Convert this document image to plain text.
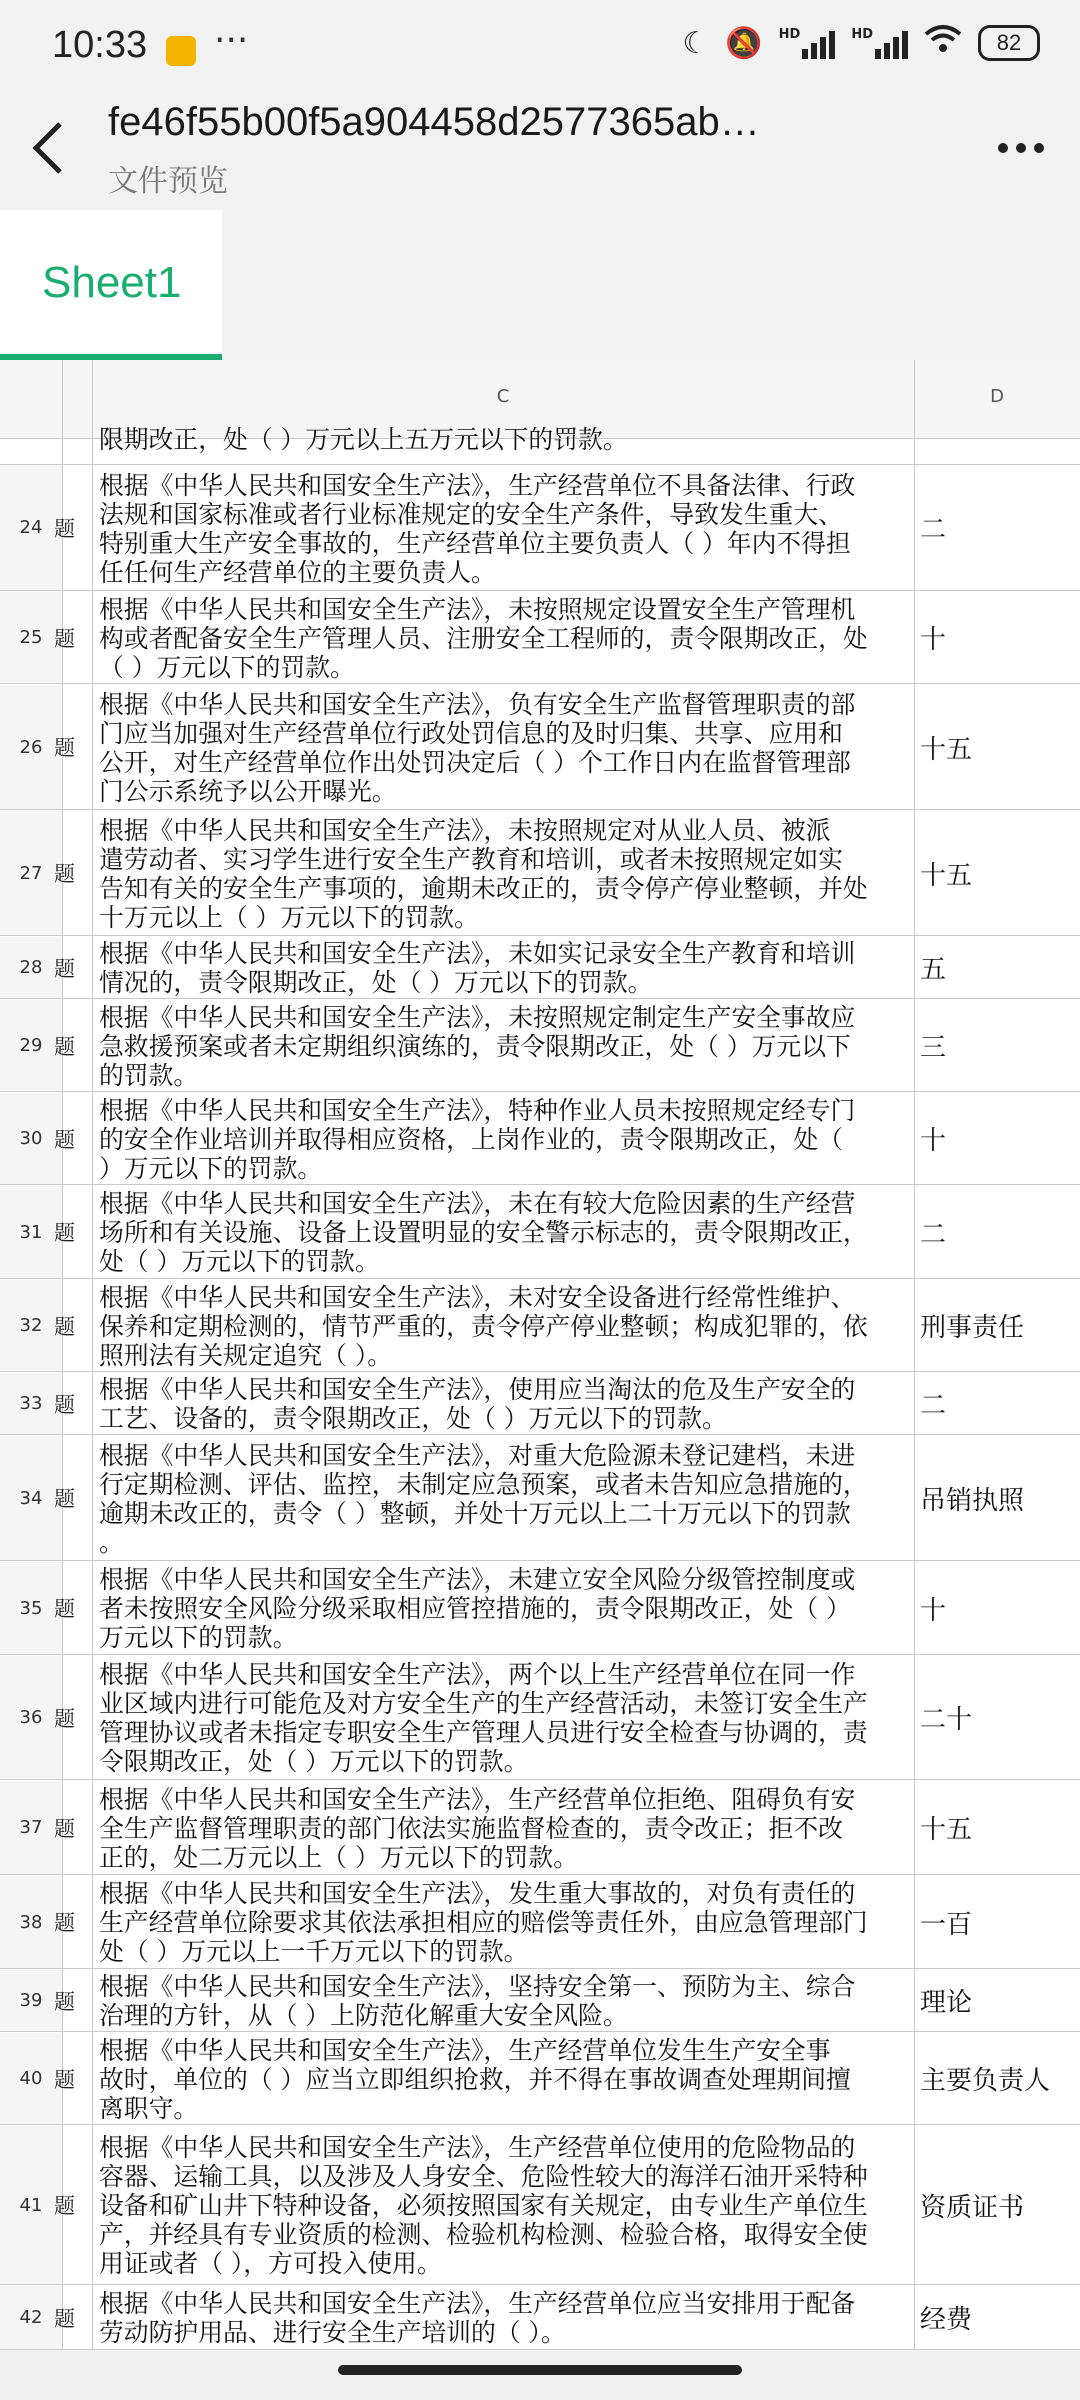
10:33 ···	☾ 🔕 HD	HD	82
fe46f55b00f5a904458d2577365ab…
文件预览
Sheet1
C	D
限期改正，处（ ）万元以上五万元以下的罚款。
24 题
根据《中华人民共和国安全生产法》，生产经营单位不具备法律、行政
法规和国家标准或者行业标准规定的安全生产条件，导致发生重大、
特别重大生产安全事故的，生产经营单位主要负责人（ ）年内不得担
任任何生产经营单位的主要负责人。
二
25 题
根据《中华人民共和国安全生产法》，未按照规定设置安全生产管理机
构或者配备安全生产管理人员、注册安全工程师的，责令限期改正，处
（ ）万元以下的罚款。
十
26 题
根据《中华人民共和国安全生产法》，负有安全生产监督管理职责的部
门应当加强对生产经营单位行政处罚信息的及时归集、共享、应用和
公开，对生产经营单位作出处罚决定后（ ）个工作日内在监督管理部
门公示系统予以公开曝光。
十五
27 题
根据《中华人民共和国安全生产法》，未按照规定对从业人员、被派
遣劳动者、实习学生进行安全生产教育和培训，或者未按照规定如实
告知有关的安全生产事项的，逾期未改正的，责令停产停业整顿，并处
十万元以上（ ）万元以下的罚款。
十五
28 题
根据《中华人民共和国安全生产法》，未如实记录安全生产教育和培训
情况的，责令限期改正，处（ ）万元以下的罚款。	五
29 题
根据《中华人民共和国安全生产法》，未按照规定制定生产安全事故应
急救援预案或者未定期组织演练的，责令限期改正，处（ ）万元以下
的罚款。
三
30 题
根据《中华人民共和国安全生产法》，特种作业人员未按照规定经专门
的安全作业培训并取得相应资格，上岗作业的，责令限期改正，处（
）万元以下的罚款。
十
31 题
根据《中华人民共和国安全生产法》，未在有较大危险因素的生产经营
场所和有关设施、设备上设置明显的安全警示标志的，责令限期改正，
处（ ）万元以下的罚款。
二
32 题
根据《中华人民共和国安全生产法》，未对安全设备进行经常性维护、
保养和定期检测的，情节严重的，责令停产停业整顿；构成犯罪的，依
照刑法有关规定追究（ ）。
刑事责任
33 题
根据《中华人民共和国安全生产法》，使用应当淘汰的危及生产安全的
工艺、设备的，责令限期改正，处（ ）万元以下的罚款。	二
34 题
根据《中华人民共和国安全生产法》，对重大危险源未登记建档，未进
行定期检测、评估、监控，未制定应急预案，或者未告知应急措施的，
逾期未改正的，责令（ ）整顿，并处十万元以上二十万元以下的罚款
。
吊销执照
35 题
根据《中华人民共和国安全生产法》，未建立安全风险分级管控制度或
者未按照安全风险分级采取相应管控措施的，责令限期改正，处（ ）
万元以下的罚款。
十
36 题
根据《中华人民共和国安全生产法》，两个以上生产经营单位在同一作
业区域内进行可能危及对方安全生产的生产经营活动，未签订安全生产
管理协议或者未指定专职安全生产管理人员进行安全检查与协调的，责
令限期改正，处（ ）万元以下的罚款。
二十
37 题
根据《中华人民共和国安全生产法》，生产经营单位拒绝、阻碍负有安
全生产监督管理职责的部门依法实施监督检查的，责令改正；拒不改
正的，处二万元以上（ ）万元以下的罚款。
十五
38 题
根据《中华人民共和国安全生产法》，发生重大事故的，对负有责任的
生产经营单位除要求其依法承担相应的赔偿等责任外，由应急管理部门
处（ ）万元以上一千万元以下的罚款。
一百
39 题
根据《中华人民共和国安全生产法》，坚持安全第一、预防为主、综合
治理的方针，从（ ）上防范化解重大安全风险。	理论
40 题
根据《中华人民共和国安全生产法》，生产经营单位发生生产安全事
故时，单位的（ ）应当立即组织抢救，并不得在事故调查处理期间擅
离职守。
主要负责人
41 题
根据《中华人民共和国安全生产法》，生产经营单位使用的危险物品的
容器、运输工具，以及涉及人身安全、危险性较大的海洋石油开采特种
设备和矿山井下特种设备，必须按照国家有关规定，由专业生产单位生
产，并经具有专业资质的检测、检验机构检测、检验合格，取得安全使
用证或者（ ），方可投入使用。
资质证书
42 题
根据《中华人民共和国安全生产法》，生产经营单位应当安排用于配备
劳动防护用品、进行安全生产培训的（ ）。	经费
